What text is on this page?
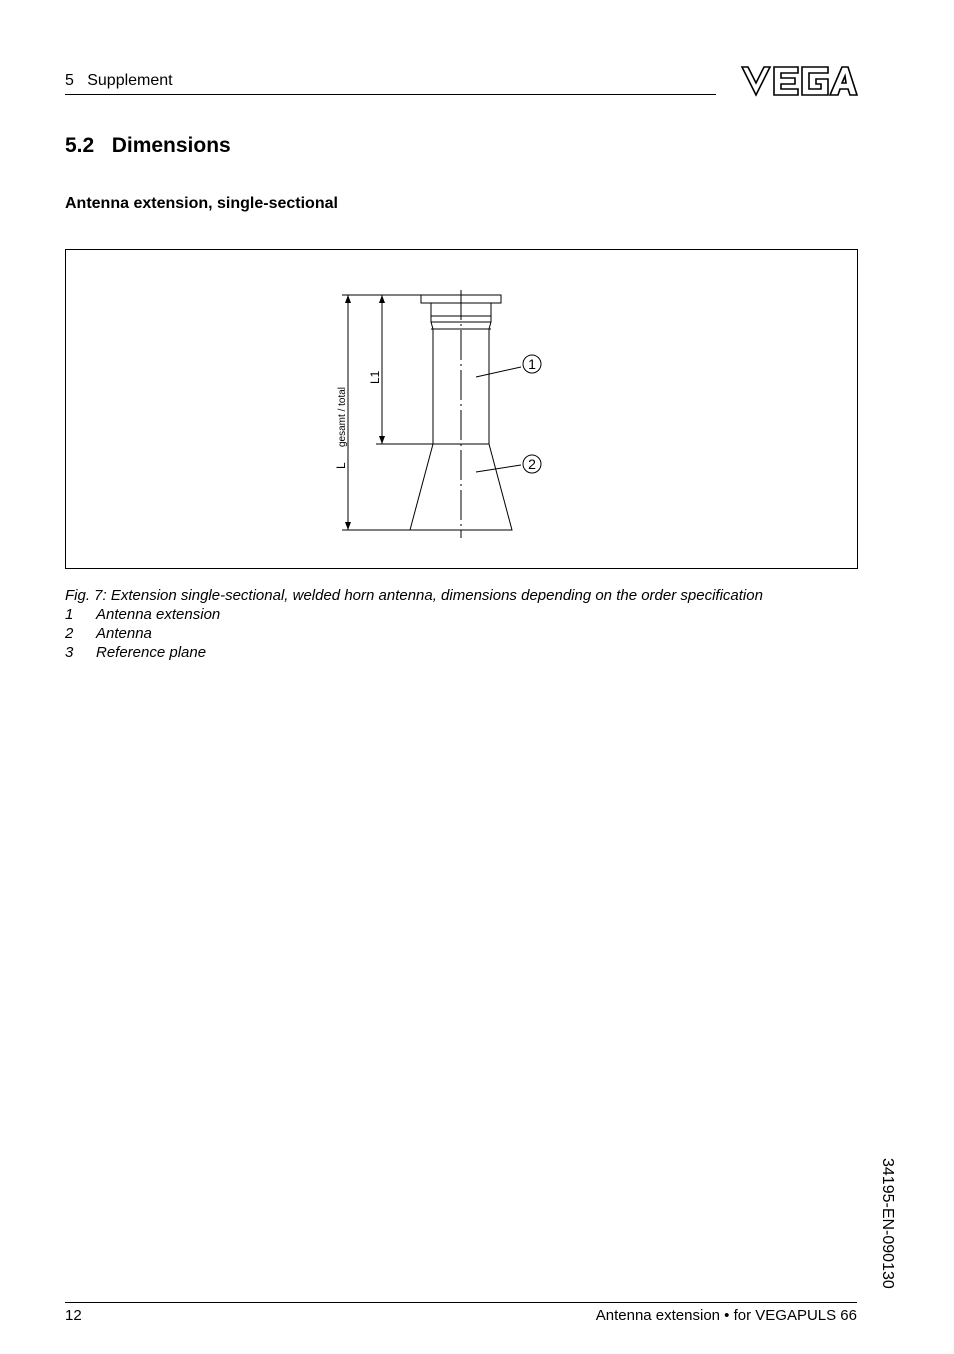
5   Supplement
5.2   Dimensions
Antenna extension, single-sectional
L1
L
gesamt / total
1
2
Fig. 7: Extension single-sectional, welded horn antenna, dimensions depending on the order specification
1 Antenna extension
2 Antenna
3 Reference plane
34195-EN-090130
12	Antenna extension • for VEGAPULS 66
